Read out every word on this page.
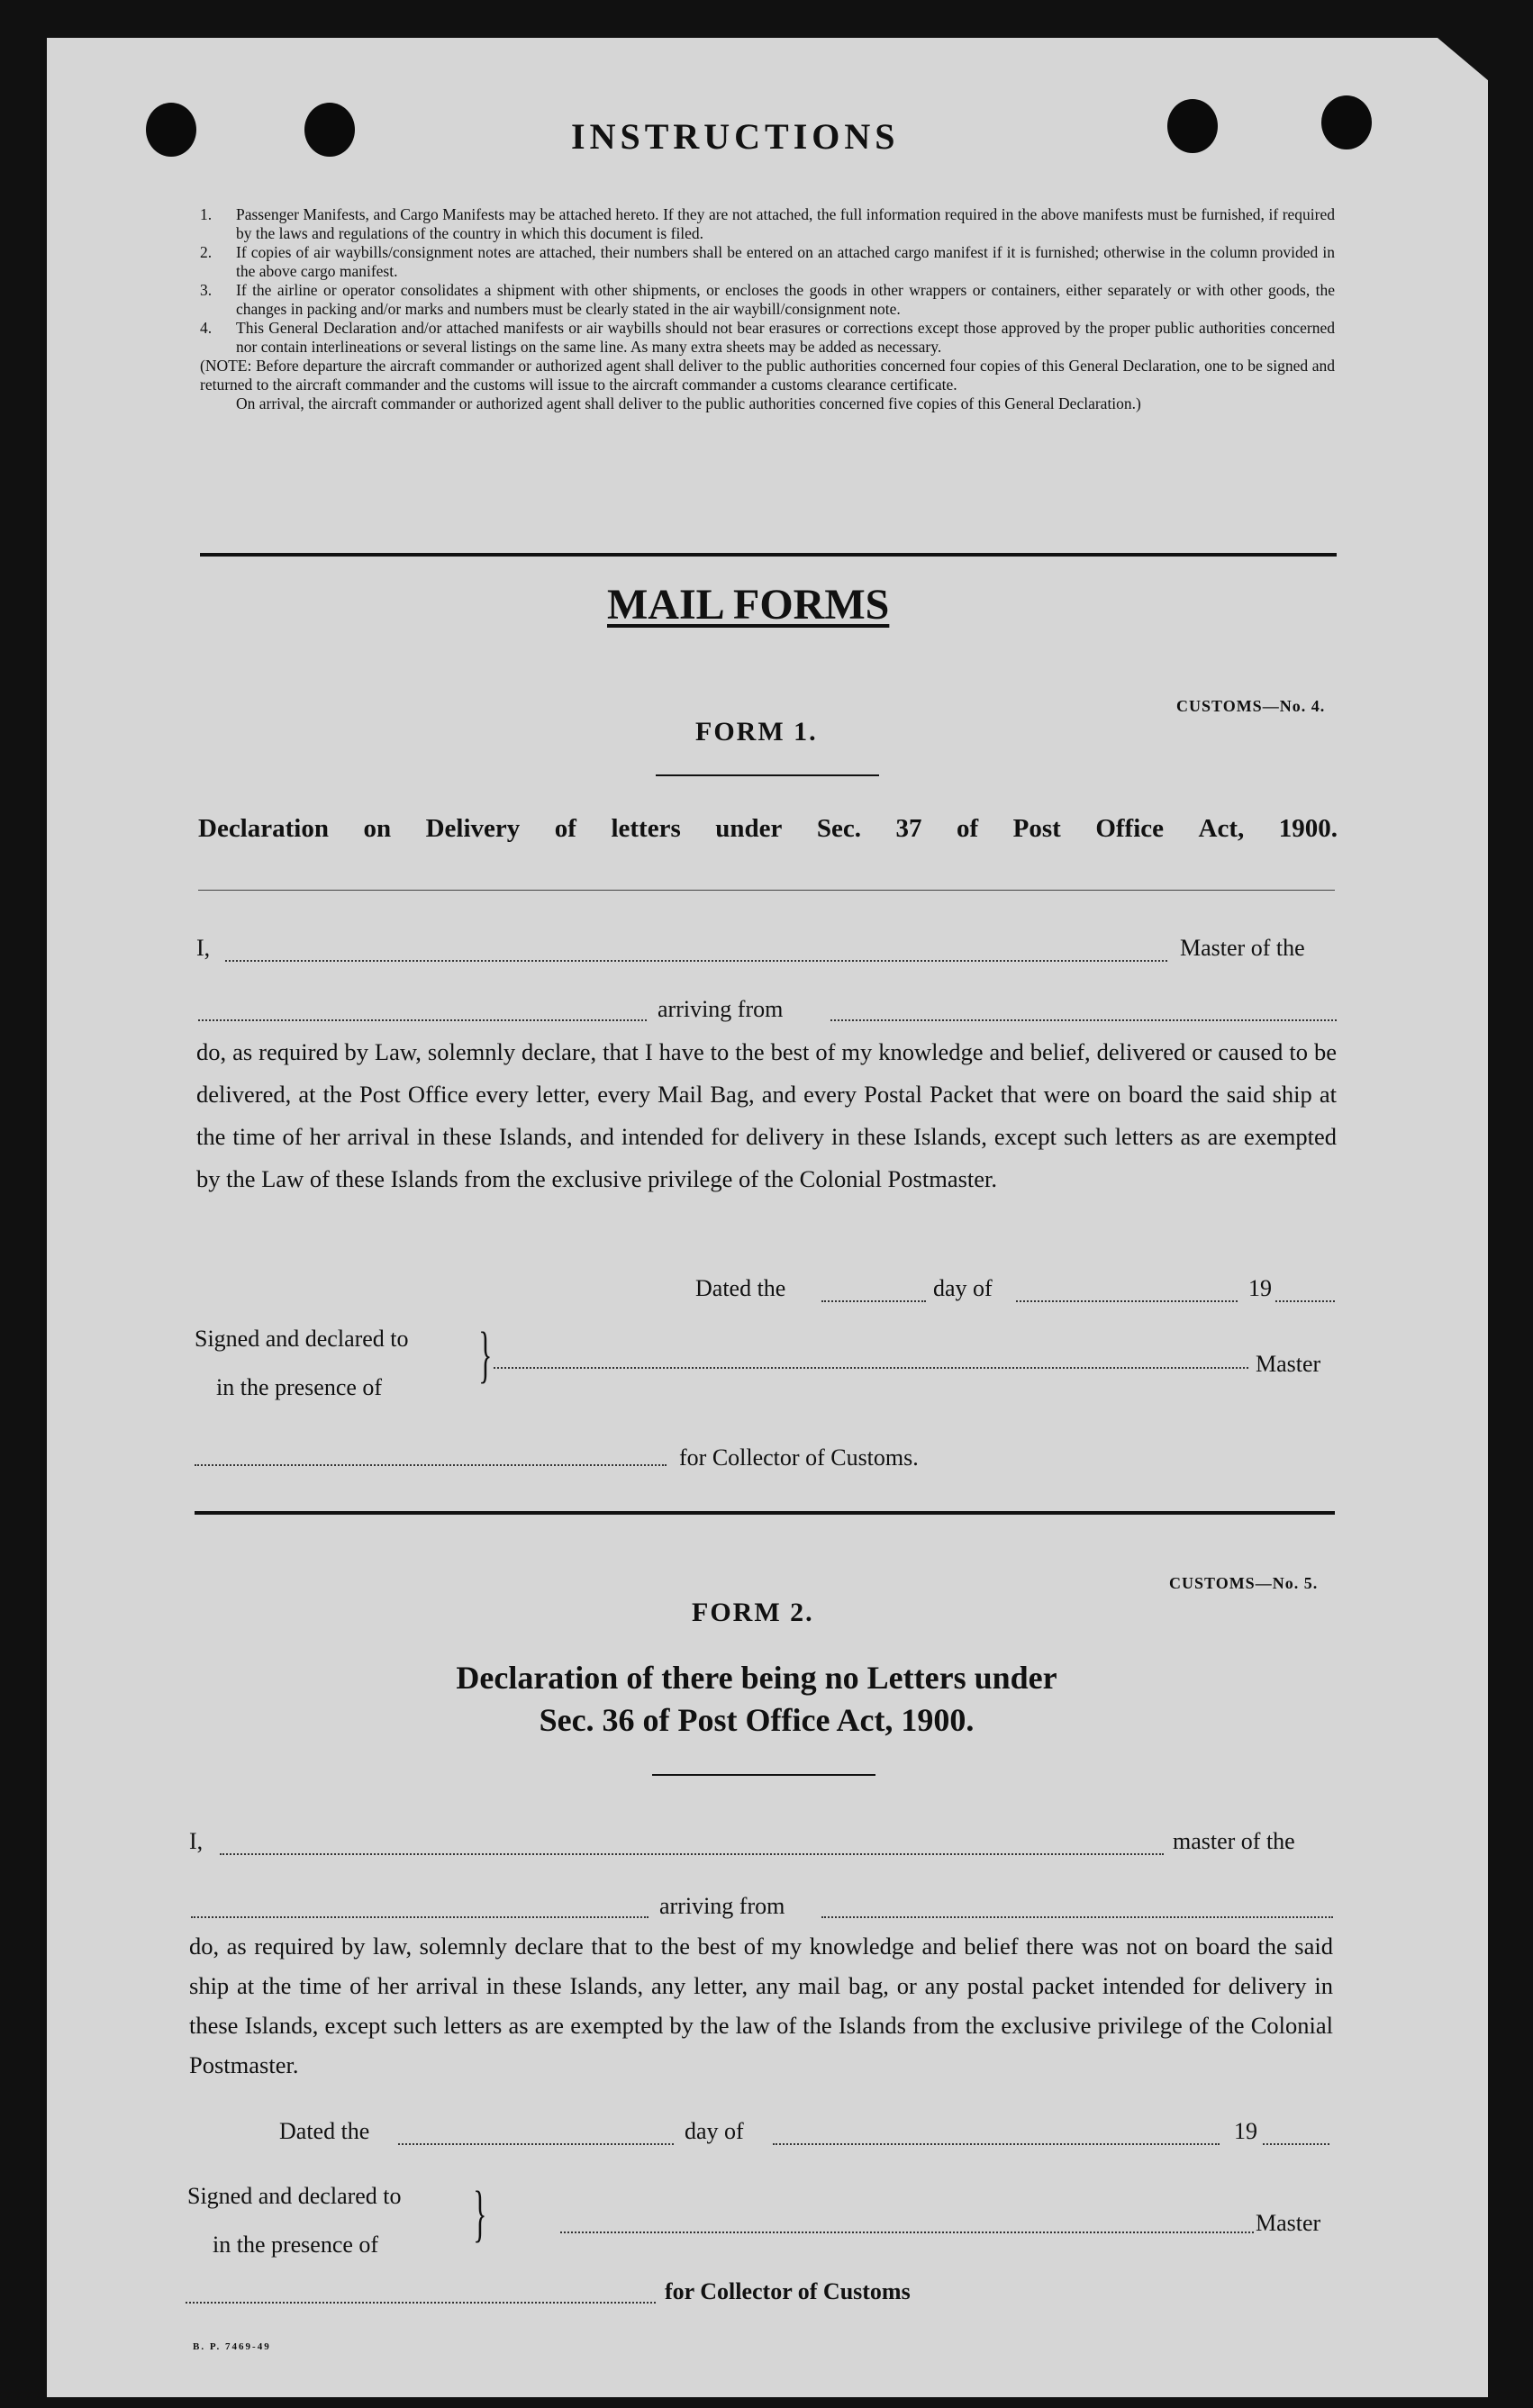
INSTRUCTIONS
1. Passenger Manifests, and Cargo Manifests may be attached hereto. If they are not attached, the full information required in the above manifests must be furnished, if required by the laws and regulations of the country in which this document is filed.
2. If copies of air waybills/consignment notes are attached, their numbers shall be entered on an attached cargo manifest if it is furnished; otherwise in the column provided in the above cargo manifest.
3. If the airline or operator consolidates a shipment with other shipments, or encloses the goods in other wrappers or containers, either separately or with other goods, the changes in packing and/or marks and numbers must be clearly stated in the air waybill/consignment note.
4. This General Declaration and/or attached manifests or air waybills should not bear erasures or corrections except those approved by the proper public authorities concerned nor contain interlineations or several listings on the same line. As many extra sheets may be added as necessary.
(NOTE: Before departure the aircraft commander or authorized agent shall deliver to the public authorities concerned four copies of this General Declaration, one to be signed and returned to the aircraft commander and the customs will issue to the aircraft commander a customs clearance certificate.
On arrival, the aircraft commander or authorized agent shall deliver to the public authorities concerned five copies of this General Declaration.)
MAIL FORMS
CUSTOMS—No. 4.
FORM 1.
Declaration on Delivery of letters under Sec. 37 of Post Office Act, 1900.
I,	Master of the
arriving from
do, as required by Law, solemnly declare, that I have to the best of my knowledge and belief, delivered or caused to be delivered, at the Post Office every letter, every Mail Bag, and every Postal Packet that were on board the said ship at the time of her arrival in these Islands, and intended for delivery in these Islands, except such letters as are exempted by the Law of these Islands from the exclusive privilege of the Colonial Postmaster.
Dated the	day of	19
Signed and declared to
in the presence of }	Master
for Collector of Customs.
CUSTOMS—No. 5.
FORM 2.
Declaration of there being no Letters under
Sec. 36 of Post Office Act, 1900.
I,	master of the
arriving from
do, as required by law, solemnly declare that to the best of my knowledge and belief there was not on board the said ship at the time of her arrival in these Islands, any letter, any mail bag, or any postal packet intended for delivery in these Islands, except such letters as are exempted by the law of the Islands from the exclusive privilege of the Colonial Postmaster.
Dated the	day of	19
Signed and declared to
in the presence of }	Master
for Collector of Customs
B. P. 7469-49
